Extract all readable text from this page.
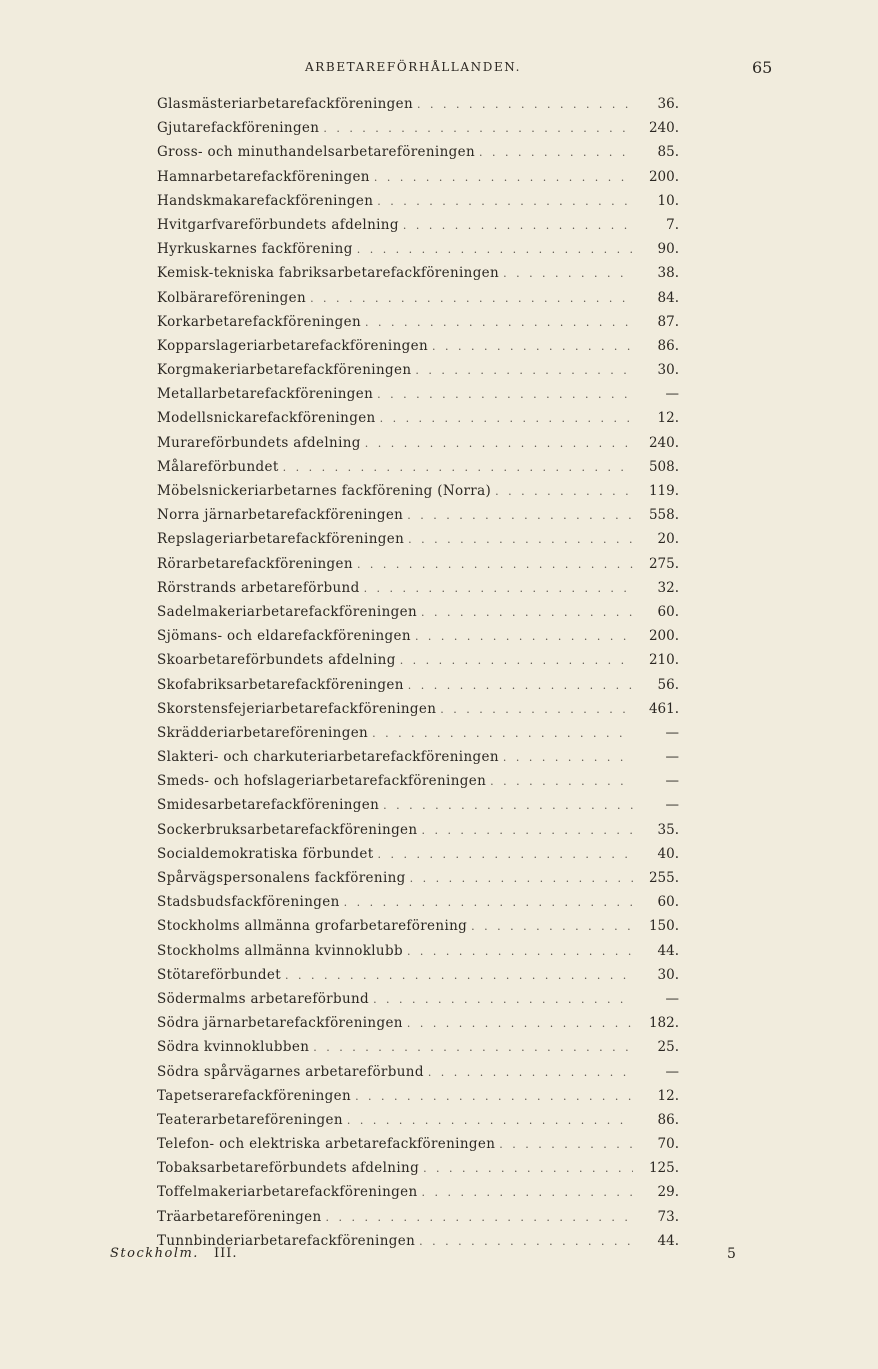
ARBETAREFÖRHÅLLANDEN.	65
Glasmästeriarbetarefackföreningen . . .	36.
Gjutarefackföreningen . . .	240.
Gross- och minuthandelsarbetareföreningen . . .	85.
Hamnarbetarefackföreningen . . .	200.
Handskmakarefackföreningen . . .	10.
Hvitgarfvareförbundets afdelning . . .	7.
Hyrkuskarnes fackförening . . .	90.
Kemisk-tekniska fabriksarbetarefackföreningen . . .	38.
Kolbärareföreningen . . .	84.
Korkarbetarefackföreningen . . .	87.
Kopparslageriarbetarefackföreningen . . .	86.
Korgmakeriarbetarefackföreningen . . .	30.
Metallarbetarefackföreningen . . .	—
Modellsnickarefackföreningen . . .	12.
Murareförbundets afdelning . . .	240.
Målareförbundet . . .	508.
Möbelsnickeriarbetarnes fackförening (Norra) . . .	119.
Norra järnarbetarefackföreningen . . .	558.
Repslageriarbetarefackföreningen . . .	20.
Rörarbetarefackföreningen . . .	275.
Rörstrands arbetareförbund . . .	32.
Sadelmakeriarbetarefackföreningen . . .	60.
Sjömans- och eldarefackföreningen . . .	200.
Skoarbetareförbundets afdelning . . .	210.
Skofabriksarbetarefackföreningen . . .	56.
Skorstensfejeriarbetarefackföreningen . . .	461.
Skrädderiarbetareföreningen . . .	—
Slakteri- och charkuteriarbetarefackföreningen . . .	—
Smeds- och hofslageriarbetarefackföreningen . . .	—
Smidesarbetarefackföreningen . . .	—
Sockerbruksarbetarefackföreningen . . .	35.
Socialdemokratiska förbundet . . .	40.
Spårvägspersonalens fackförening . . .	255.
Stadsbudsfackföreningen . . .	60.
Stockholms allmänna grofarbetareförening . . .	150.
Stockholms allmänna kvinnoklubb . . .	44.
Stötareförbundet . . .	30.
Södermalms arbetareförbund . . .	—
Södra järnarbetarefackföreningen . . .	182.
Södra kvinnoklubben . . .	25.
Södra spårvägarnes arbetareförbund . . .	—
Tapetserarefackföreningen . . .	12.
Teaterarbetareföreningen . . .	86.
Telefon- och elektriska arbetarefackföreningen . . .	70.
Tobaksarbetareförbundets afdelning . . .	125.
Toffelmakeriarbetarefackföreningen . . .	29.
Träarbetareföreningen . . .	73.
Tunnbinderiarbetarefackföreningen . . .	44.
Stockholm. III.	5
